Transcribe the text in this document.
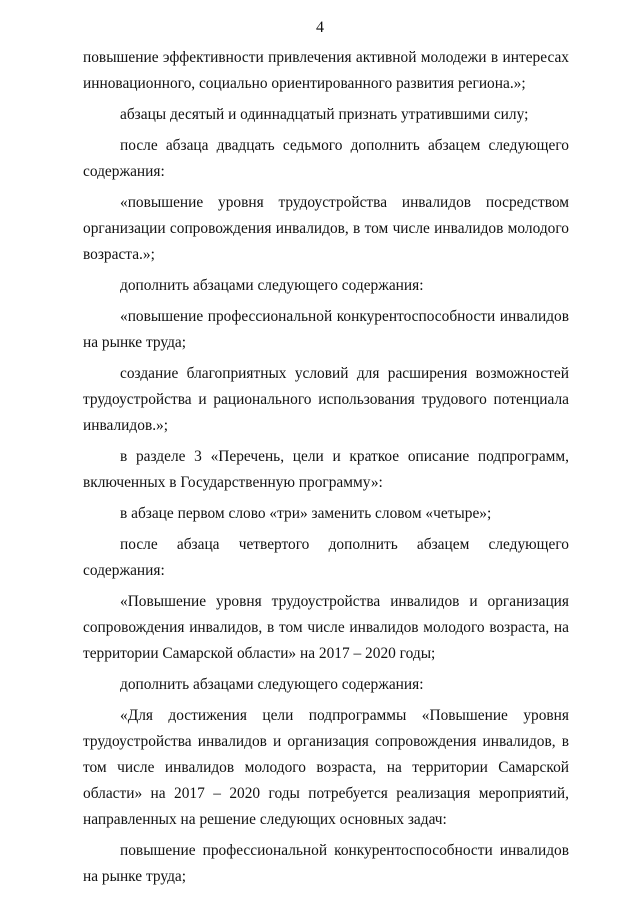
4

повышение эффективности привлечения активной молодежи в интересах инновационного, социально ориентированного развития региона.»;

абзацы десятый и одиннадцатый признать утратившими силу;

после абзаца двадцать седьмого дополнить абзацем следующего содержания:

«повышение уровня трудоустройства инвалидов посредством организации сопровождения инвалидов, в том числе инвалидов молодого возраста.»;

дополнить абзацами следующего содержания:

«повышение профессиональной конкурентоспособности инвалидов на рынке труда;

создание благоприятных условий для расширения возможностей трудоустройства и рационального использования трудового потенциала инвалидов.»;

в разделе 3 «Перечень, цели и краткое описание подпрограмм, включенных в Государственную программу»:

в абзаце первом слово «три» заменить словом «четыре»;

после абзаца четвертого дополнить абзацем следующего содержания:

«Повышение уровня трудоустройства инвалидов и организация сопровождения инвалидов, в том числе инвалидов молодого возраста, на территории Самарской области» на 2017 – 2020 годы;

дополнить абзацами следующего содержания:

«Для достижения цели подпрограммы «Повышение уровня трудоустройства инвалидов и организация сопровождения инвалидов, в том числе инвалидов молодого возраста, на территории Самарской области» на 2017 – 2020 годы потребуется реализация мероприятий, направленных на решение следующих основных задач:

повышение профессиональной конкурентоспособности инвалидов на рынке труда;
